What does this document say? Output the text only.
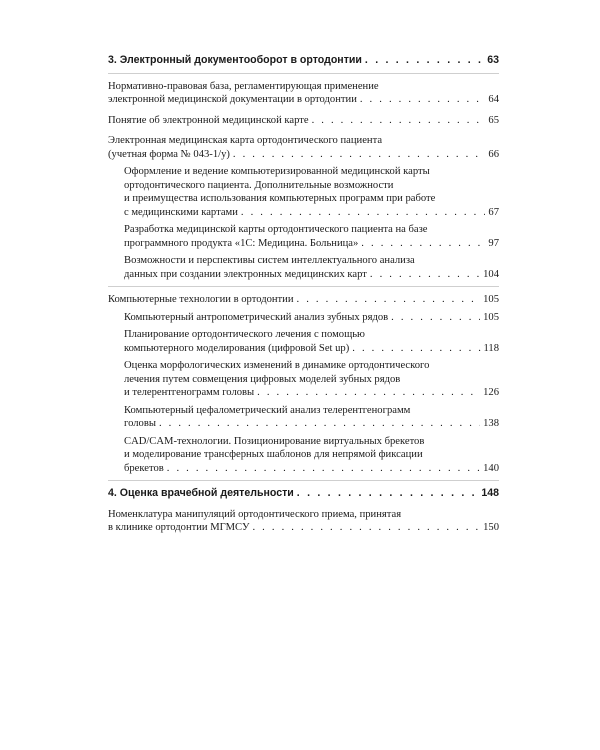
3. Электронный документооборот в ортодонтии . . .	63
Нормативно-правовая база, регламентирующая применение
электронной медицинской документации в ортодонтии . . .	64
Понятие об электронной медицинской карте . . .	65
Электронная медицинская карта ортодонтического пациента
(учетная форма № 043-1/у) . . .	66
Оформление и ведение компьютеризированной медицинской карты
ортодонтического пациента. Дополнительные возможности
и преимущества использования компьютерных программ при работе
с медицинскими картами . . .	67
Разработка медицинской карты ортодонтического пациента на базе
программного продукта «1С: Медицина. Больница» . . .	97
Возможности и перспективы систем интеллектуального анализа
данных при создании электронных медицинских карт . . .	104
Компьютерные технологии в ортодонтии . . .	105
Компьютерный антропометрический анализ зубных рядов . . .	105
Планирование ортодонтического лечения с помощью
компьютерного моделирования (цифровой Set up) . . .	118
Оценка морфологических изменений в динамике ортодонтического
лечения путем совмещения цифровых моделей зубных рядов
и телерентгенограмм головы . . .	126
Компьютерный цефалометрический анализ телерентгенограмм
головы . . .	138
CAD/CAM-технологии. Позиционирование виртуальных брекетов
и моделирование трансферных шаблонов для непрямой фиксации
брекетов . . .	140
4. Оценка врачебной деятельности . . .	148
Номенклатура манипуляций ортодонтического приема, принятая
в клинике ортодонтии МГМСУ . . .	150
